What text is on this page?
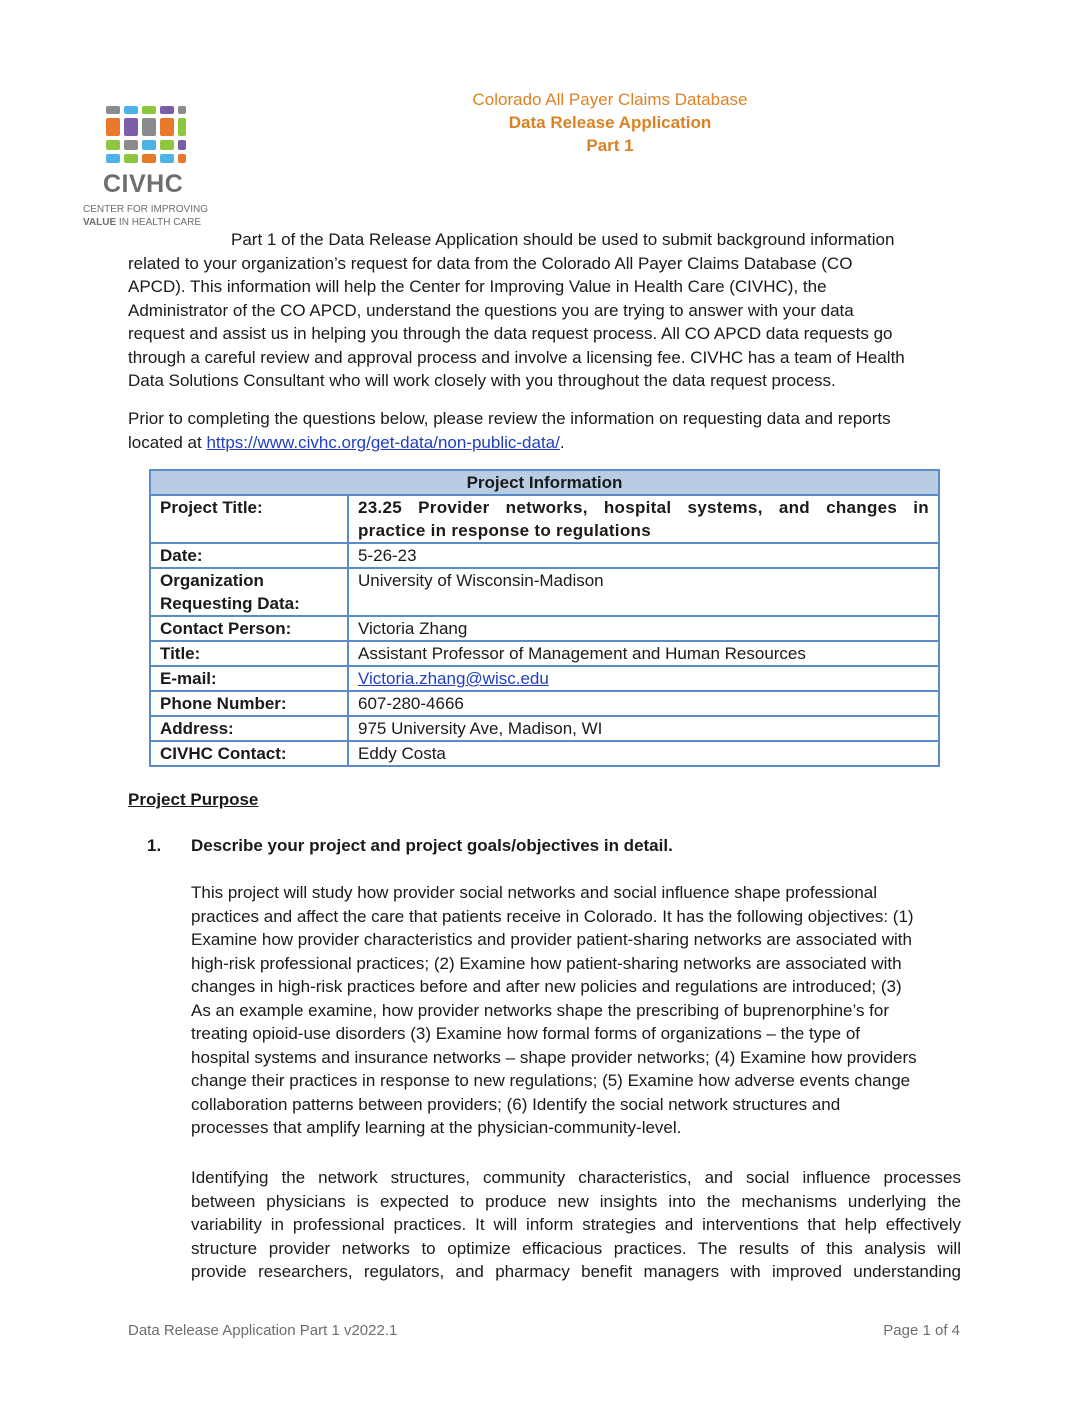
CIVHC
CENTER FOR IMPROVING
VALUE IN HEALTH CARE
Colorado All Payer Claims Database
Data Release Application
Part 1

Part 1 of the Data Release Application should be used to submit background information

related to your organization’s request for data from the Colorado All Payer Claims Database (CO

APCD). This information will help the Center for Improving Value in Health Care (CIVHC), the

Administrator of the CO APCD, understand the questions you are trying to answer with your data

request and assist us in helping you through the data request process. All CO APCD data requests go

through a careful review and approval process and involve a licensing fee. CIVHC has a team of Health

Data Solutions Consultant who will work closely with you throughout the data request process.

Prior to completing the questions below, please review the information on requesting data and reports

located at https://www.civhc.org/get-data/non-public-data/.

Project Information	
Project Title:	23.25 Provider networks, hospital systems, and changes in
practice in response to regulations

Date:	5-26-23

Organization
Requesting Data:	University of Wisconsin-Madison
Contact Person:	Victoria Zhang
Title:	Assistant Professor of Management and Human Resources
E-mail:	Victoria.zhang@wisc.edu
Phone Number:	607-280-4666
Address:	975 University Ave, Madison, WI
CIVHC Contact:	Eddy Costa
Project Purpose
1. Describe your project and project goals/objectives in detail.

This project will study how provider social networks and social influence shape professional

practices and affect the care that patients receive in Colorado. It has the following objectives: (1)

Examine how provider characteristics and provider patient-sharing networks are associated with

high-risk professional practices; (2) Examine how patient-sharing networks are associated with

changes in high-risk practices before and after new policies and regulations are introduced; (3)

As an example examine, how provider networks shape the prescribing of buprenorphine’s for

treating opioid-use disorders (3) Examine how formal forms of organizations – the type of

hospital systems and insurance networks – shape provider networks; (4) Examine how providers

change their practices in response to new regulations; (5) Examine how adverse events change

collaboration patterns between providers; (6) Identify the social network structures and

processes that amplify learning at the physician-community-level.

Identifying the network structures, community characteristics, and social influence processes

between physicians is expected to produce new insights into the mechanisms underlying the

variability in professional practices. It will inform strategies and interventions that help effectively

structure provider networks to optimize efficacious practices. The results of this analysis will

provide researchers, regulators, and pharmacy benefit managers with improved understanding

Data Release Application Part 1 v2022.1	Page 1 of 4
